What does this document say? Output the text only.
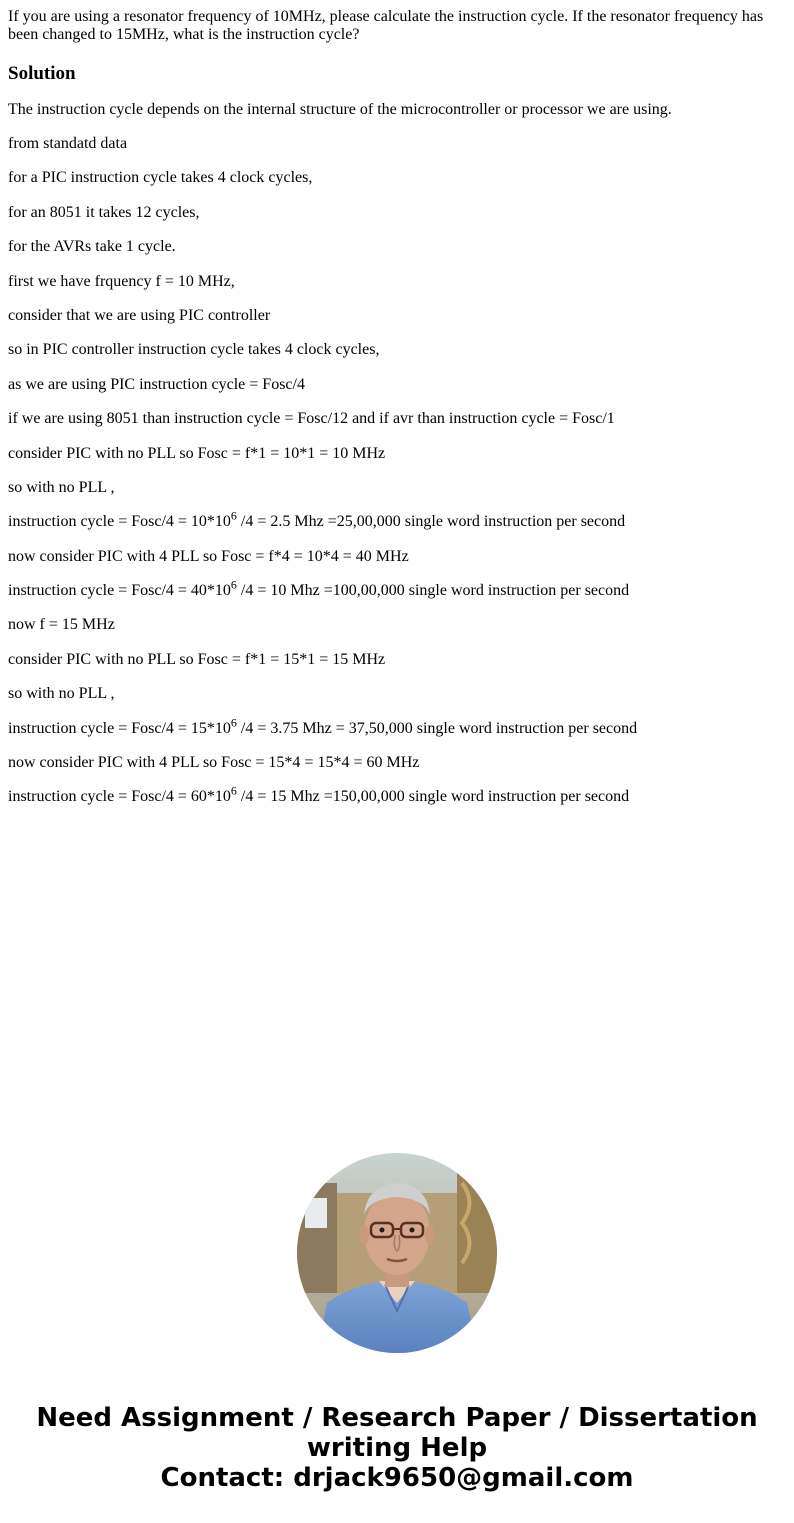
If you are using a resonator frequency of 10MHz, please calculate the instruction cycle. If the resonator frequency has been changed to 15MHz, what is the instruction cycle?
Solution
The instruction cycle depends on the internal structure of the microcontroller or processor we are using.
from standatd data
for a PIC instruction cycle takes 4 clock cycles,
for an 8051 it takes 12 cycles,
for the AVRs take 1 cycle.
first we have frquency f = 10 MHz,
consider that we are using PIC controller
so in PIC controller instruction cycle takes 4 clock cycles,
as we are using PIC instruction cycle = Fosc/4
if we are using 8051 than instruction cycle = Fosc/12 and if avr than instruction cycle = Fosc/1
consider PIC with no PLL so Fosc = f*1 = 10*1 = 10 MHz
so with no PLL ,
instruction cycle = Fosc/4 = $10*10^6$ /4 = 2.5 Mhz =25,00,000 single word instruction per second
now consider PIC with 4 PLL so Fosc = f*4 = 10*4 = 40 MHz
instruction cycle = Fosc/4 = $40*10^6$ /4 = 10 Mhz =100,00,000 single word instruction per second
now f = 15 MHz
consider PIC with no PLL so Fosc = f*1 = 15*1 = 15 MHz
so with no PLL ,
instruction cycle = Fosc/4 = $15*10^6$ /4 = 3.75 Mhz = 37,50,000 single word instruction per second
now consider PIC with 4 PLL so Fosc = 15*4 = 15*4 = 60 MHz
instruction cycle = Fosc/4 = $60*10^6$ /4 = 15 Mhz =150,00,000 single word instruction per second
Need Assignment / Research Paper / Dissertation
writing Help
Contact: drjack9650@gmail.com
